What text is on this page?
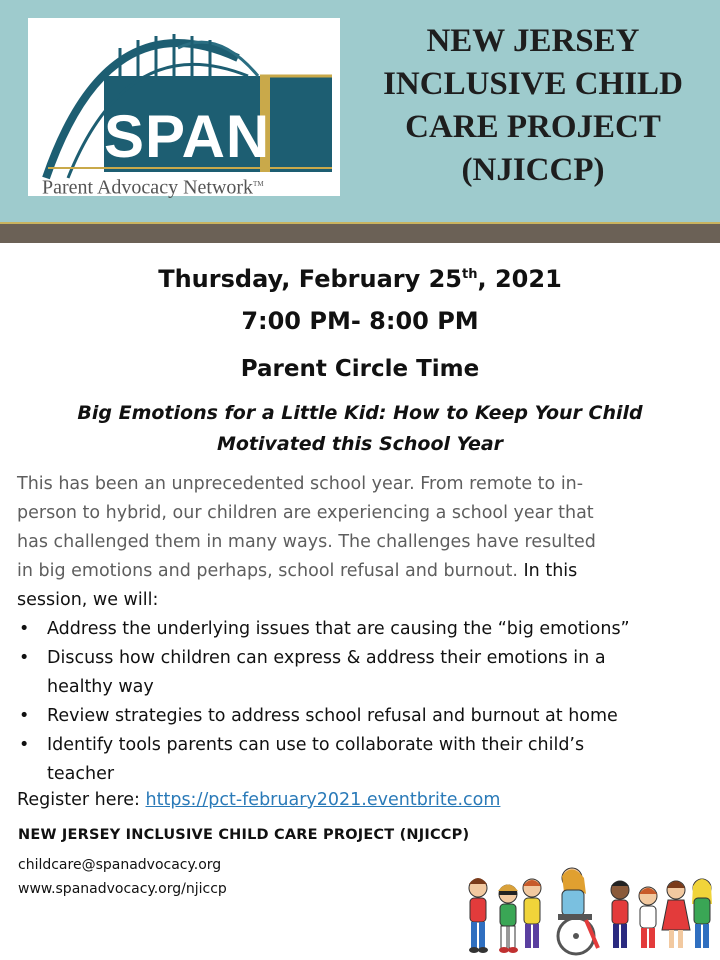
SPAN
Parent Advocacy Network™
NEW JERSEY
INCLUSIVE CHILD
CARE PROJECT
(NJICCP)
Thursday, February 25th, 2021
7:00 PM- 8:00 PM
Parent Circle Time
Big Emotions for a Little Kid: How to Keep Your Child
Motivated this School Year

This has been an unprecedented school year. From remote to in-
person to hybrid, our children are experiencing a school year that
has challenged them in many ways. The challenges have resulted
in big emotions and perhaps, school refusal and burnout. In this
session, we will:

•	Address the underlying issues that are causing the “big emotions”
•	Discuss how children can express & address their emotions in a
healthy way
•	Review strategies to address school refusal and burnout at home
•	Identify tools parents can use to collaborate with their child’s
teacher
Register here: https://pct-february2021.eventbrite.com
NEW JERSEY INCLUSIVE CHILD CARE PROJECT (NJICCP)
childcare@spanadvocacy.org
www.spanadvocacy.org/njiccp
